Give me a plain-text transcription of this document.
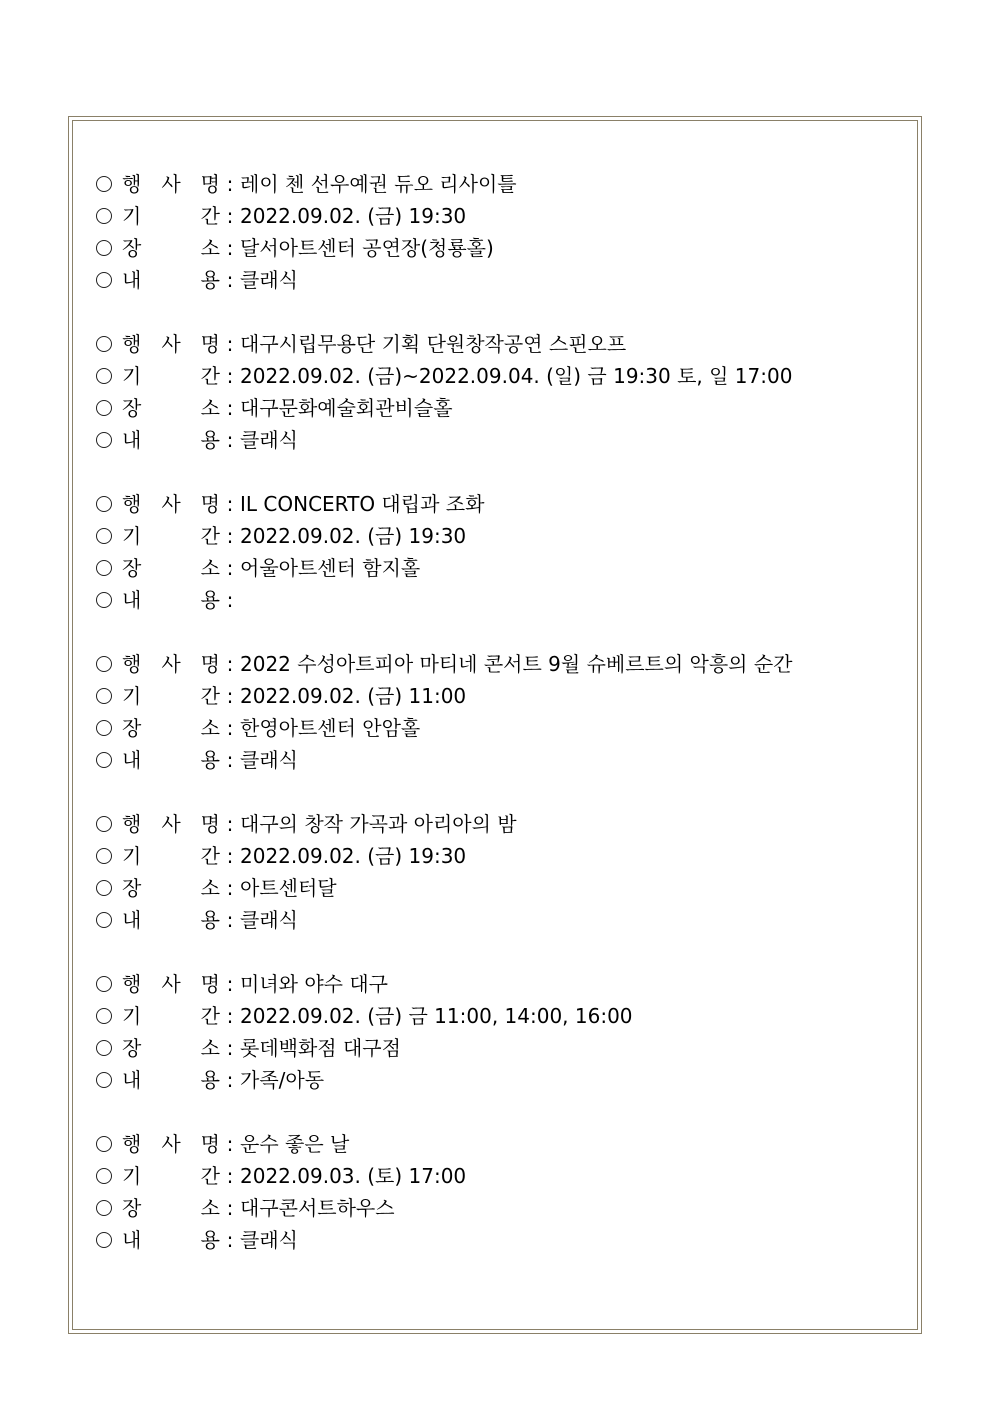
행 사 명 : 레이 첸 선우예권 듀오 리사이틀
기	간 : 2022.09.02. (금) 19:30
장	소 : 달서아트센터 공연장(청룡홀)
내	용 : 클래식
행 사 명 : 대구시립무용단 기획 단원창작공연 스핀오프
기	간 : 2022.09.02. (금)~2022.09.04. (일) 금 19:30 토, 일 17:00
장	소 : 대구문화예술회관비슬홀
내	용 : 클래식
행 사 명 : IL CONCERTO 대립과 조화
기	간 : 2022.09.02. (금) 19:30
장	소 : 어울아트센터 함지홀
내	용 :
행 사 명 : 2022 수성아트피아 마티네 콘서트 9월 슈베르트의 악흥의 순간
기	간 : 2022.09.02. (금) 11:00
장	소 : 한영아트센터 안암홀
내	용 : 클래식
행 사 명 : 대구의 창작 가곡과 아리아의 밤
기	간 : 2022.09.02. (금) 19:30
장	소 : 아트센터달
내	용 : 클래식
행 사 명 : 미녀와 야수 대구
기	간 : 2022.09.02. (금) 금 11:00, 14:00, 16:00
장	소 : 롯데백화점 대구점
내	용 : 가족/아동
행 사 명 : 운수 좋은 날
기	간 : 2022.09.03. (토) 17:00
장	소 : 대구콘서트하우스
내	용 : 클래식
